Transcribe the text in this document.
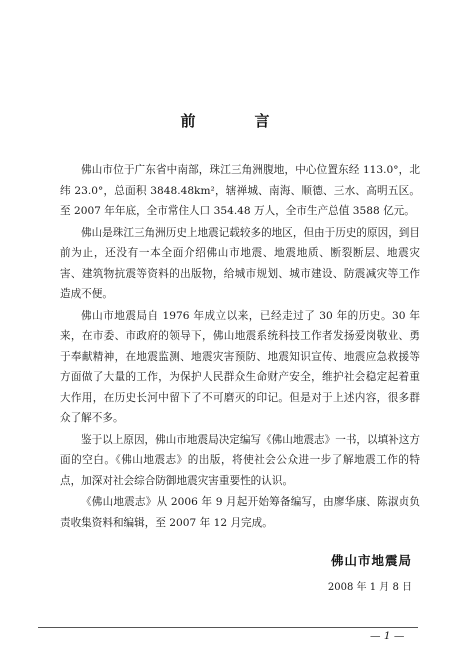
前　言

佛山市位于广东省中南部，珠江三角洲腹地，中心位置东经 113.0°，北纬 23.0°，总面积 3848.48km²，辖禅城、南海、顺德、三水、高明五区。至 2007 年年底，全市常住人口 354.48 万人，全市生产总值 3588 亿元。

佛山是珠江三角洲历史上地震记载较多的地区，但由于历史的原因，到目前为止，还没有一本全面介绍佛山市地震、地震地质、断裂断层、地震灾害、建筑物抗震等资料的出版物，给城市规划、城市建设、防震减灾等工作造成不便。

佛山市地震局自 1976 年成立以来，已经走过了 30 年的历史。30 年来，在市委、市政府的领导下，佛山地震系统科技工作者发扬爱岗敬业、勇于奉献精神，在地震监测、地震灾害预防、地震知识宣传、地震应急救援等方面做了大量的工作，为保护人民群众生命财产安全，维护社会稳定起着重大作用，在历史长河中留下了不可磨灭的印记。但是对于上述内容，很多群众了解不多。

鉴于以上原因，佛山市地震局决定编写《佛山地震志》一书，以填补这方面的空白。《佛山地震志》的出版，将使社会公众进一步了解地震工作的特点，加深对社会综合防御地震灾害重要性的认识。

《佛山地震志》从 2006 年 9 月起开始筹备编写，由廖华康、陈淑贞负责收集资料和编辑，至 2007 年 12 月完成。

佛山市地震局
2008 年 1 月 8 日
— 1 —
